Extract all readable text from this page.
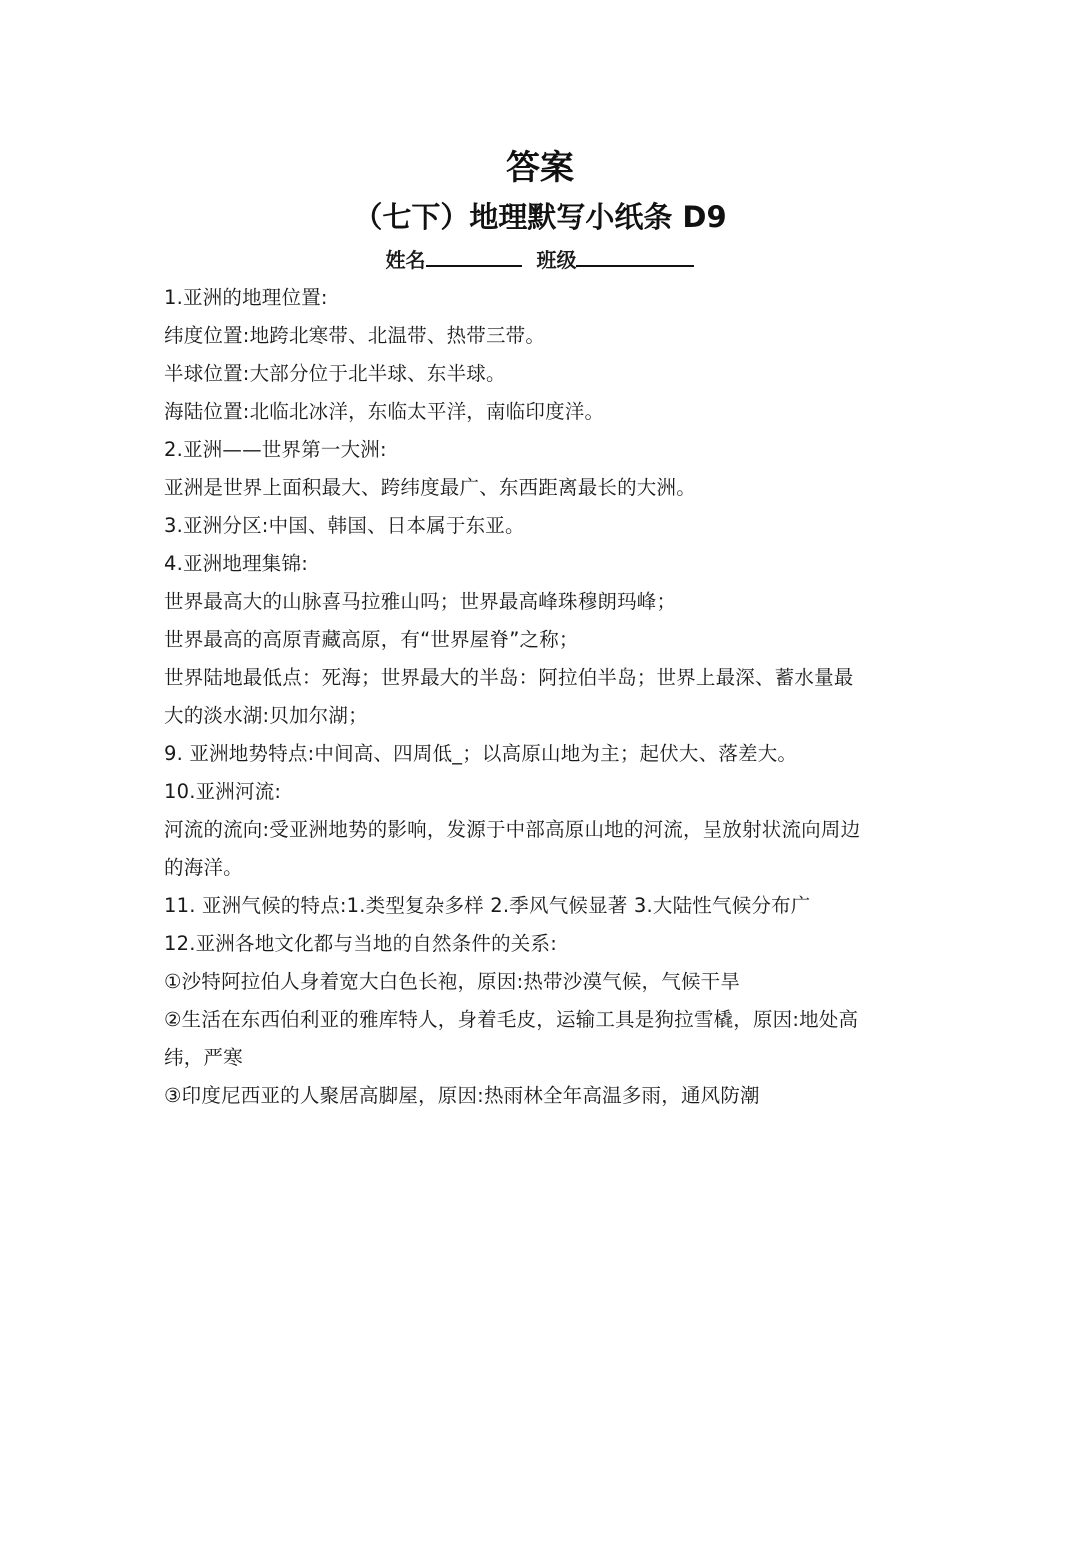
答案
（七下）地理默写小纸条 D9
姓名	班级

1.亚洲的地理位置:

纬度位置:地跨北寒带、北温带、热带三带。

半球位置:大部分位于北半球、东半球。

海陆位置:北临北冰洋，东临太平洋，南临印度洋。

2.亚洲——世界第一大洲:

亚洲是世界上面积最大、跨纬度最广、东西距离最长的大洲。

3.亚洲分区:中国、韩国、日本属于东亚。

4.亚洲地理集锦:

世界最高大的山脉喜马拉雅山吗；世界最高峰珠穆朗玛峰；

世界最高的高原青藏高原，有“世界屋脊”之称；

世界陆地最低点：死海；世界最大的半岛：阿拉伯半岛；世界上最深、蓄水量最

大的淡水湖:贝加尔湖；

9. 亚洲地势特点:中间高、四周低_；以高原山地为主；起伏大、落差大。

10.亚洲河流:

河流的流向:受亚洲地势的影响，发源于中部高原山地的河流，呈放射状流向周边

的海洋。

11. 亚洲气候的特点:1.类型复杂多样 2.季风气候显著 3.大陆性气候分布广

12.亚洲各地文化都与当地的自然条件的关系:

①沙特阿拉伯人身着宽大白色长袍，原因:热带沙漠气候，气候干旱

②生活在东西伯利亚的雅库特人，身着毛皮，运输工具是狗拉雪橇，原因:地处高

纬，严寒

③印度尼西亚的人聚居高脚屋，原因:热雨林全年高温多雨，通风防潮
